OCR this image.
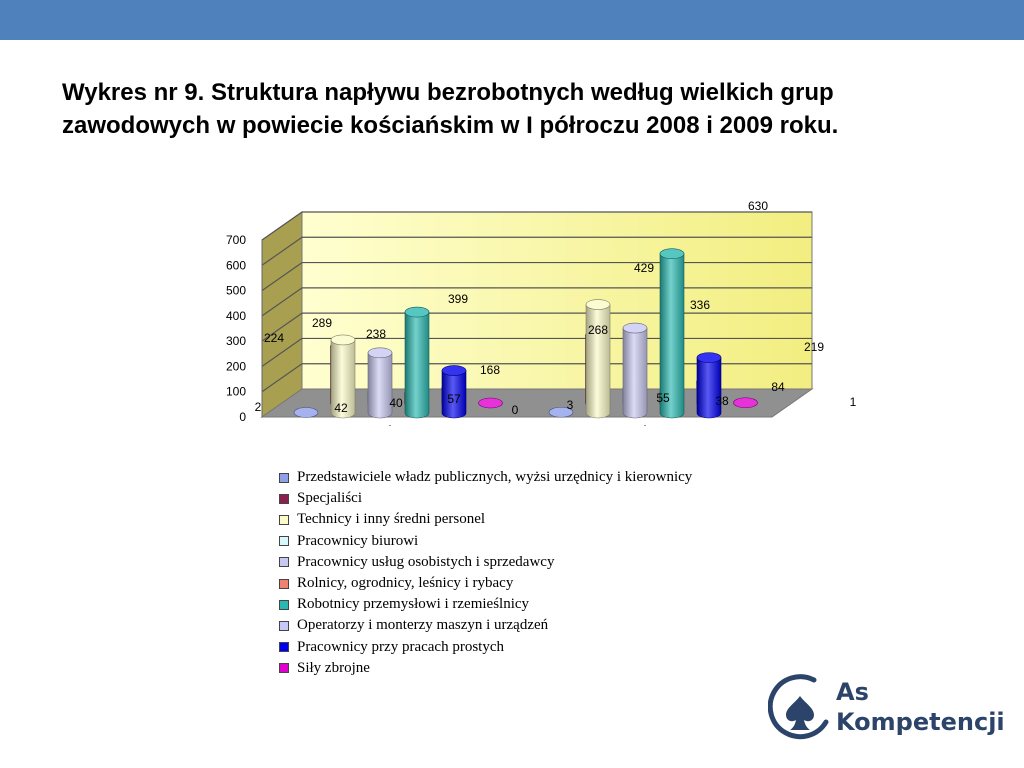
Wykres nr 9. Struktura napływu bezrobotnych według wielkich grup zawodowych w powiecie kościańskim w I półroczu 2008 i 2009 roku.
0
100
200
300
400
500
600
700
.	.
2	3
224
268
289
429
42
55
238
336
40	38
399
630
57
84
168
219
0
1
Przedstawiciele władz publicznych, wyżsi urzędnicy i kierownicy
Specjaliści
Technicy i inny średni personel
Pracownicy biurowi
Pracownicy usług osobistych i sprzedawcy
Rolnicy, ogrodnicy, leśnicy i rybacy
Robotnicy przemysłowi i rzemieślnicy
Operatorzy i monterzy maszyn i urządzeń
Pracownicy przy pracach prostych
Siły zbrojne
As
Kompetencji
